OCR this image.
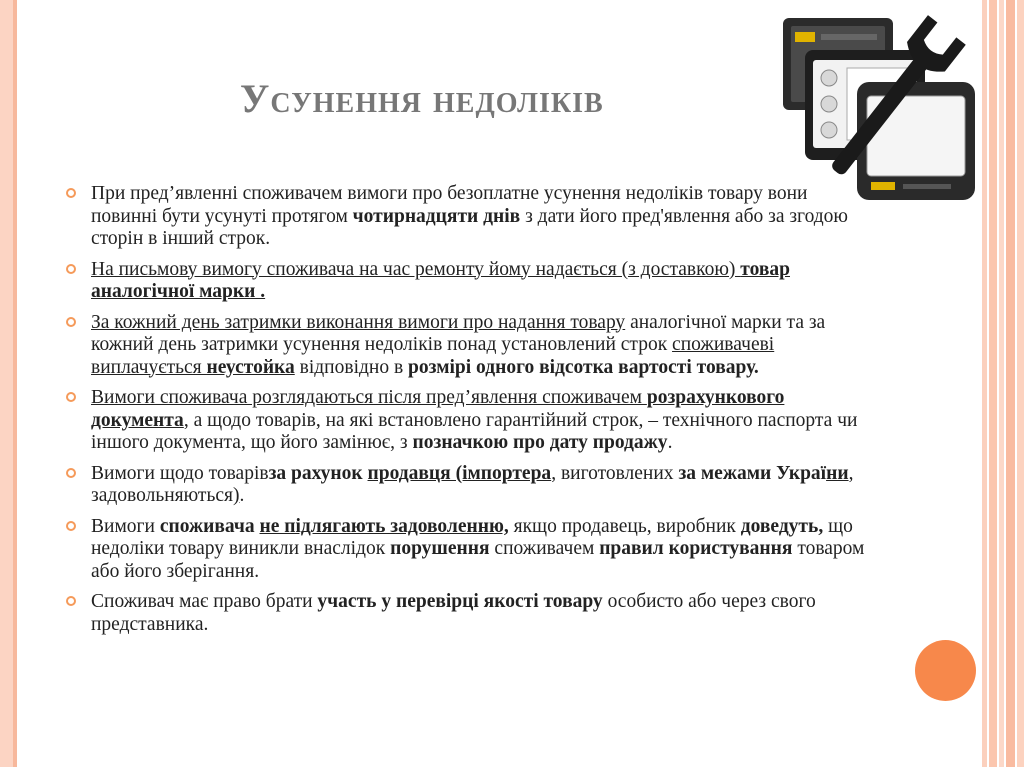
Усунення недоліків
При пред’явленні споживачем вимоги про безоплатне усунення недоліків товару вони повинні бути усунуті протягом чотирнадцяти днів з дати його пред'явлення або за згодою сторін в інший строк.
На письмову вимогу споживача на час ремонту йому надається (з доставкою) товар аналогічної марки .
За кожний день затримки виконання вимоги про надання товару аналогічної марки та за кожний день затримки усунення недоліків понад установлений строк споживачеві виплачується неустойка відповідно в розмірі одного відсотка вартості товару.
Вимоги споживача розглядаються після пред’явлення споживачем розрахункового документа, а щодо товарів, на які встановлено гарантійний строк, – технічного паспорта чи іншого документа, що його замінює, з позначкою про дату продажу.
Вимоги щодо товарівза рахунок продавця (імпортера, виготовлених за межами України, задовольняються).
Вимоги споживача не підлягають задоволенню, якщо продавець, виробник доведуть, що недоліки товару виникли внаслідок порушення споживачем правил користування товаром або його зберігання.
Споживач має право брати участь у перевірці якості товару особисто або через свого представника.
